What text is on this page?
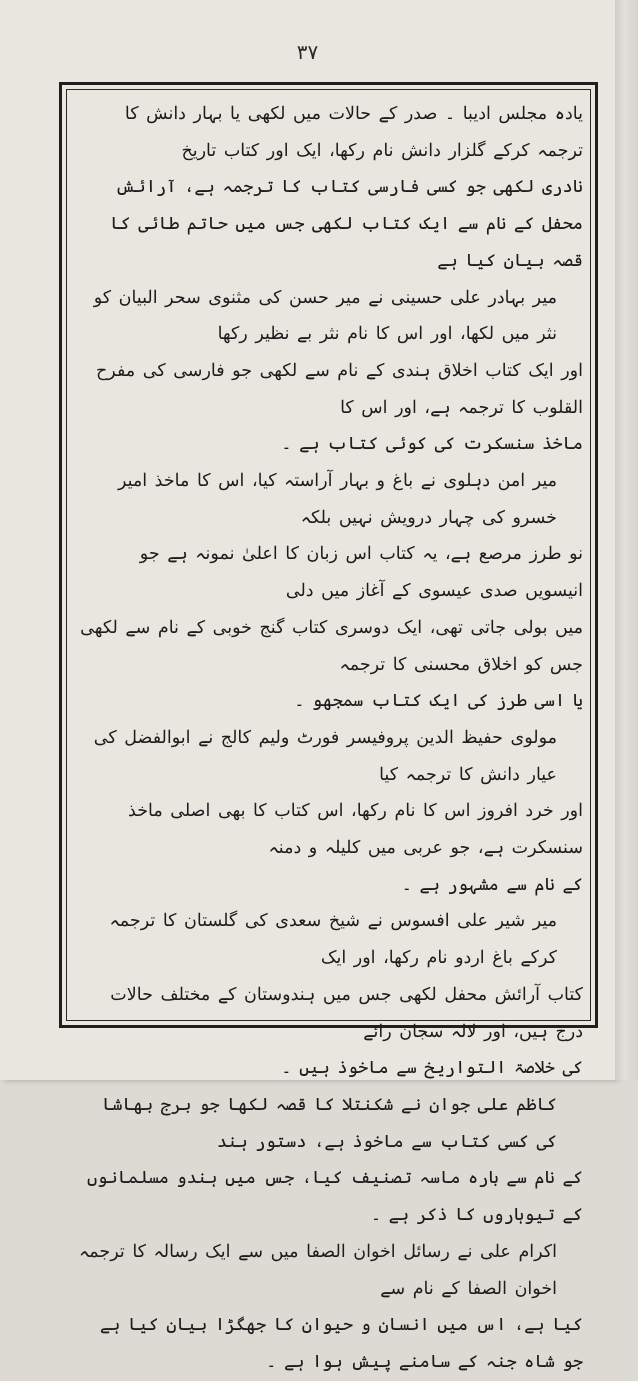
۳۷

یادہ مجلس ادیبا ۔ صدر کے حالات میں لکھی یا بہار دانش کا ترجمہ کرکے گلزار دانش نام رکھا، ایک اور کتاب تاریخ

نادری لکھی جو کسی فارسی کتاب کا ترجمہ ہے، آرائش محفل کے نام سے ایک کتاب لکھی جس میں حاتم طائی کا قصہ بیان کیا ہے

میر بہادر علی حسینی نے میر حسن کی مثنوی سحر البیان کو نثر میں لکھا، اور اس کا نام نثر بے نظیر رکھا

اور ایک کتاب اخلاق ہندی کے نام سے لکھی جو فارسی کی مفرح القلوب کا ترجمہ ہے، اور اس کا

ماخذ سنسکرت کی کوئی کتاب ہے ۔

میر امن دہلوی نے باغ و بہار آراستہ کیا، اس کا ماخذ امیر خسرو کی چہار درویش نہیں بلکہ

نو طرز مرصع ہے، یہ کتاب اس زبان کا اعلیٰ نمونہ ہے جو انیسویں صدی عیسوی کے آغاز میں دلی

میں بولی جاتی تھی، ایک دوسری کتاب گنج خوبی کے نام سے لکھی جس کو اخلاق محسنی کا ترجمہ

یا اسی طرز کی ایک کتاب سمجھو ۔

مولوی حفیظ الدین پروفیسر فورٹ ولیم کالج نے ابوالفضل کی عیار دانش کا ترجمہ کیا

اور خرد افروز اس کا نام رکھا، اس کتاب کا بھی اصلی ماخذ سنسکرت ہے، جو عربی میں کلیلہ و دمنہ

کے نام سے مشہور ہے ۔

میر شیر علی افسوس نے شیخ سعدی کی گلستان کا ترجمہ کرکے باغ اردو نام رکھا، اور ایک

کتاب آرائش محفل لکھی جس میں ہندوستان کے مختلف حالات درج ہیں، اور لالہ سجان رائے

کی خلاصۃ التواریخ سے ماخوذ ہیں ۔

کاظم علی جوان نے شکنتلا کا قصہ لکھا جو برج بھاشا کی کسی کتاب سے ماخوذ ہے، دستور ہند

کے نام سے بارہ ماسہ تصنیف کیا، جس میں ہندو مسلمانوں کے تیوہاروں کا ذکر ہے ۔

اکرام علی نے رسائل اخوان الصفا میں سے ایک رسالہ کا ترجمہ اخوان الصفا کے نام سے

کیا ہے، اس میں انسان و حیوان کا جھگڑا بیان کیا ہے جو شاہ جنہ کے سامنے پیش ہوا ہے ۔
